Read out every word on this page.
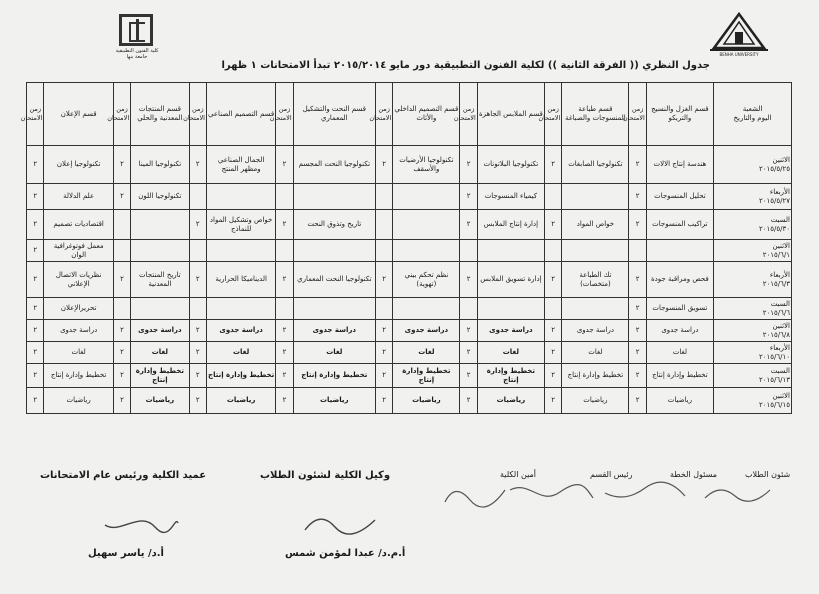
كلية الفنون التطبيقية جامعة بنها	BENHA UNIVERSITY
جدول النظري (( الفرقة الثانية )) لكلية الفنون التطبيقية دور مايو ٢٠١٥/٢٠١٤ تبدأ الامتحانات ١ ظهرا
الشعبة
اليوم والتاريخ	قسم الغزل والنسيج والتريكو	زمن الامتحان	قسم طباعة المنسوجات والصباغة	زمن الامتحان	قسم الملابس الجاهزة	زمن الامتحان	قسم التصميم الداخلي والأثاث	زمن الامتحان	قسم النحت والتشكيل المعماري	زمن الامتحان	قسم التصميم الصناعي	زمن الامتحان	قسم المنتجات المعدنية والحلي	زمن الامتحان	قسم الإعلان	زمن الامتحان
الاثنين
٢٠١٥/٥/٢٥	هندسة إنتاج الالات	٢	تكنولوجيا الصابغات	٢	تكنولوجيا البلاتونات	٢	تكنولوجيا الأرضيات والأسقف	٢	تكنولوجيا النحت المجسم	٢	الجمال الصناعي ومظهر المنتج	٢	تكنولوجيا المينا	٢	تكنولوجيا إعلان	٢
الأربعاء
٢٠١٥/٥/٢٧	تحليل المنسوجات	٢			كيمياء المنسوجات	٢							تكنولوجيا اللون	٢	علم الدلالة	٢
السبت
٢٠١٥/٥/٣٠	تراكيب المنسوجات	٢	خواص المواد	٢	إدارة إنتاج الملابس	٢			تاريخ وتذوق النحت	٢	خواص وتشكيل المواد للنماذج	٢			اقتصاديات تصميم	٢
الاثنين
٢٠١٥/٦/١															معمل فوتوغرافية الوان	٢
الأربعاء
٢٠١٥/٦/٣	فحص ومراقبة جودة	٢	تك الطباعة (متخصات)	٢	إدارة تسويق الملابس	٢	نظم تحكم بيني (تهوية)	٢	تكنولوجيا النحت المعماري	٢	الديناميكا الحرارية	٢	تاريخ المنتجات المعدنية	٢	نظريات الاتصال الإعلاني	٢
السبت
٢٠١٥/٦/٦	تسويق المنسوجات	٢													تحريرالإعلان	٢
الاثنين
٢٠١٥/٦/٨	دراسة جدوى	٢	دراسة جدوى	٢	دراسة جدوى	٢	دراسة جدوى	٢	دراسة جدوى	٢	دراسة جدوى	٢	دراسة جدوى	٢	دراسة جدوى	٢
الأربعاء
٢٠١٥/٦/١٠	لغات	٢	لغات	٢	لغات	٢	لغات	٢	لغات	٢	لغات	٢	لغات	٢	لغات	٢
السبت
٢٠١٥/٦/١٣	تخطيط وإدارة إنتاج	٢	تخطيط وإدارة إنتاج	٢	تخطيط وإدارة إنتاج	٢	تخطيط وإدارة إنتاج	٢	تخطيط وإدارة إنتاج	٢	تخطيط وإدارة إنتاج	٢	تخطيط وإدارة إنتاج	٢	تخطيط وإدارة إنتاج	٢
الاثنين
٢٠١٥/٦/١٥	رياضيات	٢	رياضيات	٢	رياضيات	٢	رياضيات	٢	رياضيات	٢	رياضيات	٢	رياضيات	٢	رياضيات	٢
شئون الطلاب
مسئول الخطة
رئيس القسم
أمين الكلية
وكيل الكلية لشئون الطلاب
عميد الكلية ورئيس عام الامتحانات
أ.م.د/ عبدا لمؤمن شمس
أ.د/ ياسر سهيل
